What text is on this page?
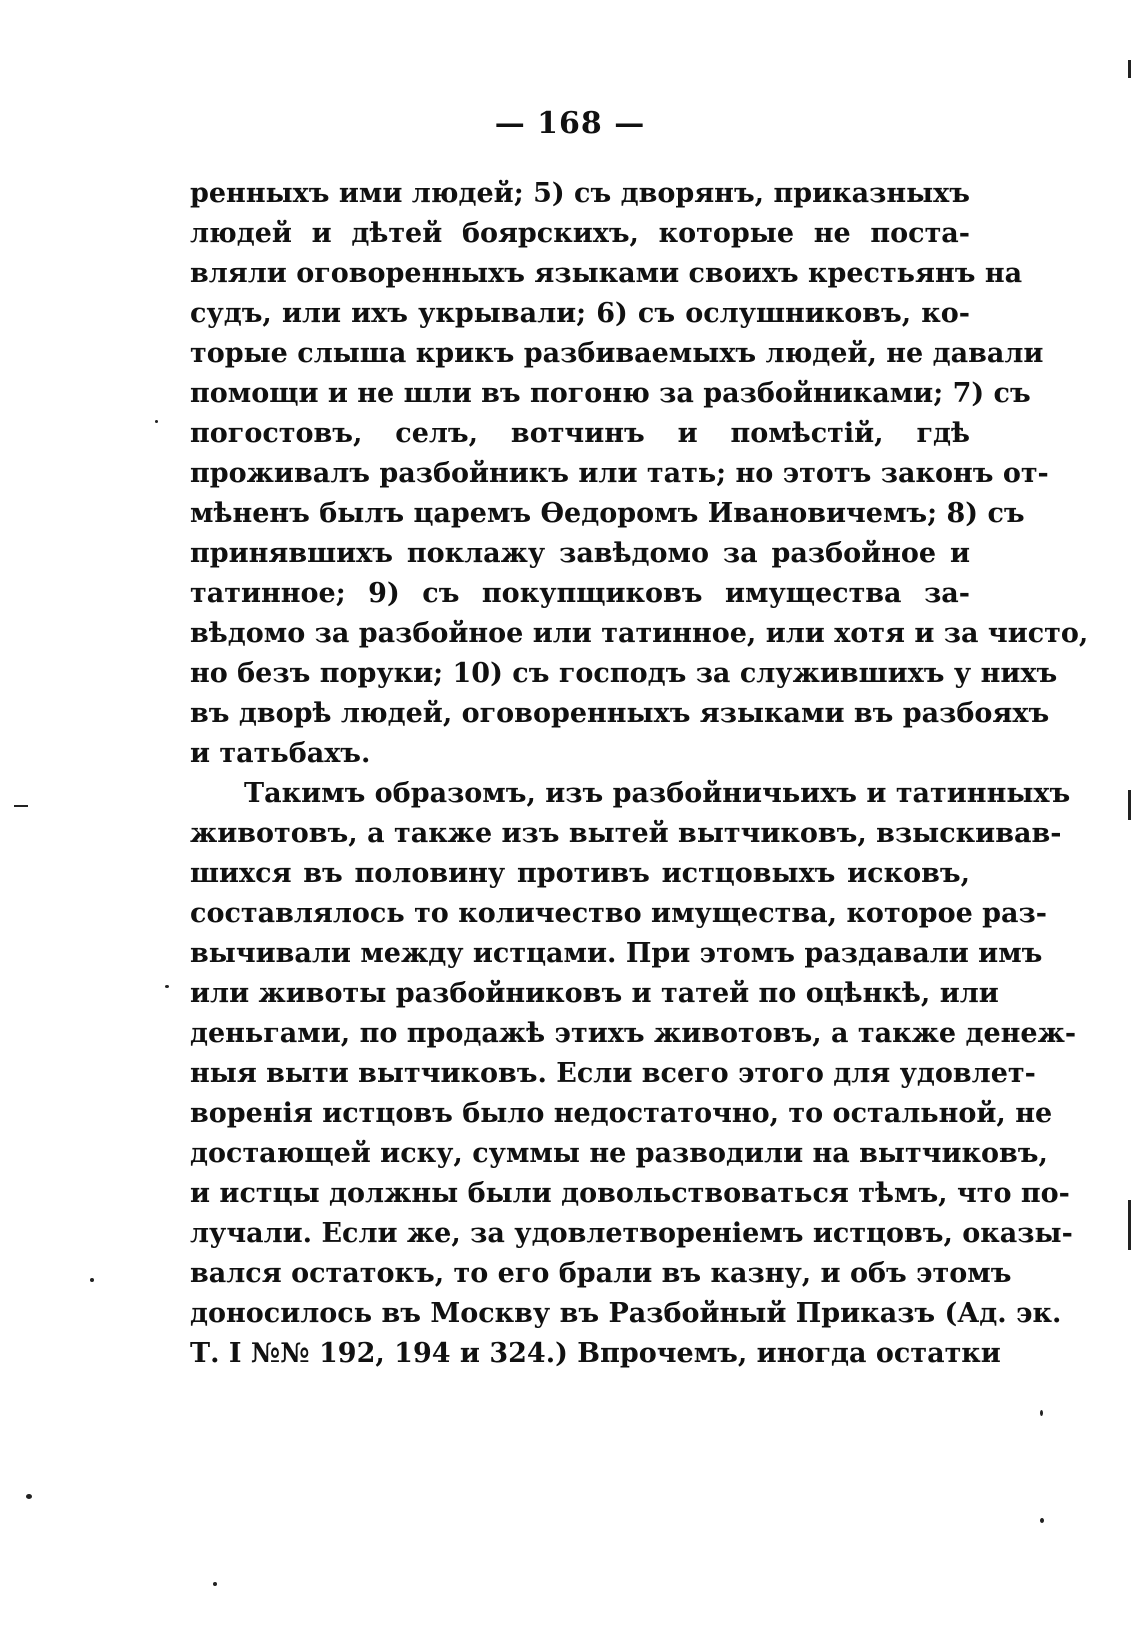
— 168 —
ренныхъ ими людей; 5) съ дворянъ, приказныхъ
людей и дѣтей боярскихъ, которые не поста-
вляли оговоренныхъ языками своихъ крестьянъ на
судъ, или ихъ укрывали; 6) съ ослушниковъ, ко-
торые слыша крикъ разбиваемыхъ людей, не давали
помощи и не шли въ погоню за разбойниками; 7) съ
погостовъ, селъ, вотчинъ и помѣстій, гдѣ
проживалъ разбойникъ или тать; но этотъ законъ от-
мѣненъ былъ царемъ Ѳедоромъ Ивановичемъ; 8) съ
принявшихъ поклажу завѣдомо за разбойное и
татинное; 9) съ покупщиковъ имущества за-
вѣдомо за разбойное или татинное, или хотя и за чисто,
но безъ поруки; 10) съ господъ за служившихъ у нихъ
въ дворѣ людей, оговоренныхъ языками въ разбояхъ
и татьбахъ.
Такимъ образомъ, изъ разбойничьихъ и татинныхъ
животовъ, а также изъ вытей вытчиковъ, взыскивав-
шихся въ половину противъ истцовыхъ исковъ,
составлялось то количество имущества, которое раз-
вычивали между истцами. При этомъ раздавали имъ
или животы разбойниковъ и татей по оцѣнкѣ, или
деньгами, по продажѣ этихъ животовъ, а также денеж-
ныя выти вытчиковъ. Если всего этого для удовлет-
воренія истцовъ было недостаточно, то остальной, не
достающей иску, суммы не разводили на вытчиковъ,
и истцы должны были довольствоваться тѣмъ, что по-
лучали. Если же, за удовлетвореніемъ истцовъ, оказы-
вался остатокъ, то его брали въ казну, и объ этомъ
доносилось въ Москву въ Разбойный Приказъ (Ад. эк.
Т. I №№ 192, 194 и 324.) Впрочемъ, иногда остатки
